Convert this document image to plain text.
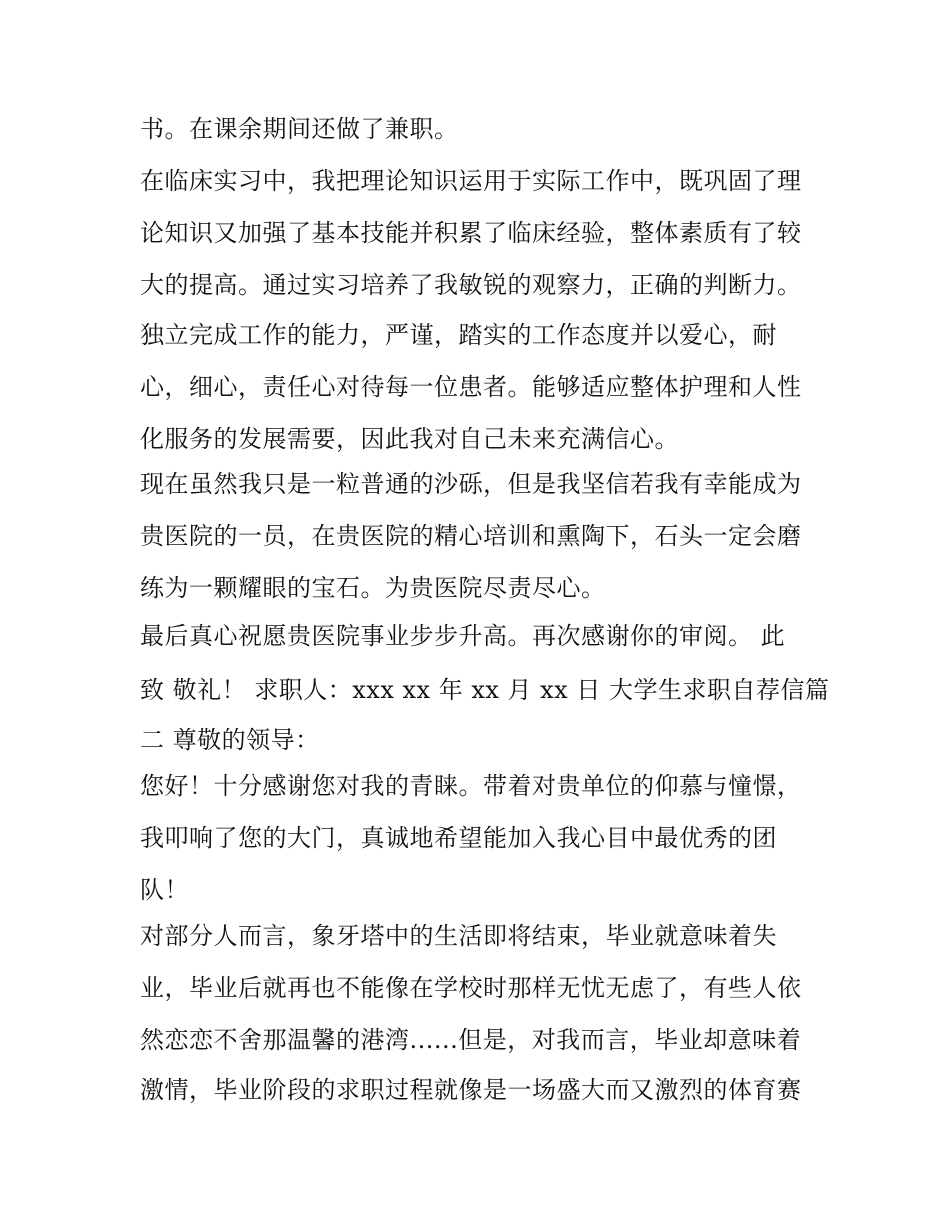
书。在课余期间还做了兼职。
在临床实习中，我把理论知识运用于实际工作中，既巩固了理
论知识又加强了基本技能并积累了临床经验，整体素质有了较
大的提高。通过实习培养了我敏锐的观察力，正确的判断力。
独立完成工作的能力，严谨，踏实的工作态度并以爱心，耐
心，细心，责任心对待每一位患者。能够适应整体护理和人性
化服务的发展需要，因此我对自己未来充满信心。
现在虽然我只是一粒普通的沙砾，但是我坚信若我有幸能成为
贵医院的一员，在贵医院的精心培训和熏陶下，石头一定会磨
练为一颗耀眼的宝石。为贵医院尽责尽心。
最后真心祝愿贵医院事业步步升高。再次感谢你的审阅。 此
致 敬礼！ 求职人：xxx xx 年 xx 月 xx 日 大学生求职自荐信篇
二 尊敬的领导：
您好！十分感谢您对我的青睐。带着对贵单位的仰慕与憧憬，
我叩响了您的大门，真诚地希望能加入我心目中最优秀的团
队！
对部分人而言，象牙塔中的生活即将结束，毕业就意味着失
业，毕业后就再也不能像在学校时那样无忧无虑了，有些人依
然恋恋不舍那温馨的港湾......但是，对我而言，毕业却意味着
激情，毕业阶段的求职过程就像是一场盛大而又激烈的体育赛
